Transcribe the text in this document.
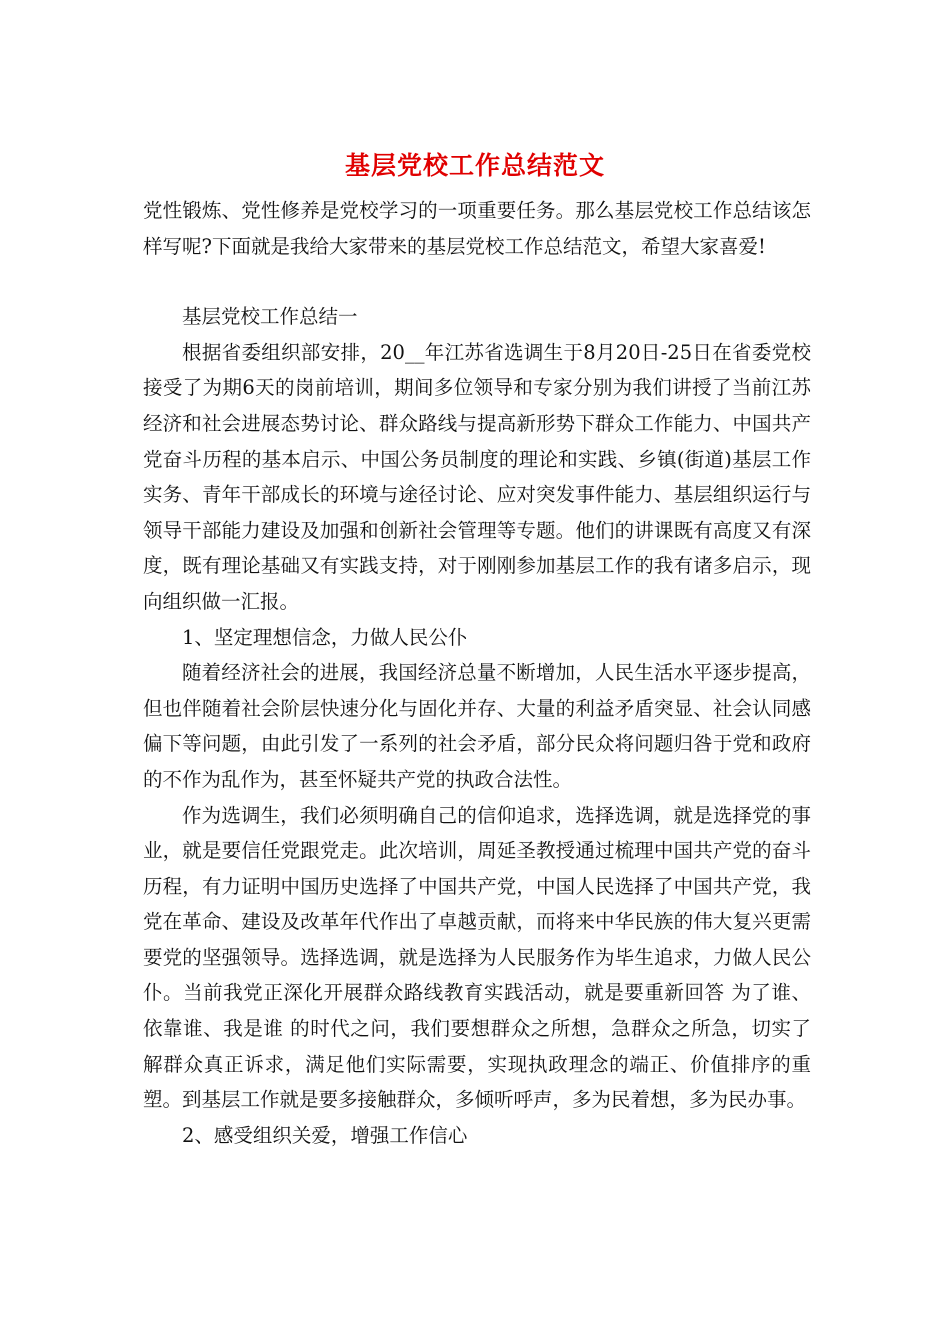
基层党校工作总结范文

党性锻炼、党性修养是党校学习的一项重要任务。那么基层党校工作总结该怎样写呢?下面就是我给大家带来的基层党校工作总结范文，希望大家喜爱!

基层党校工作总结一

根据省委组织部安排，20__年江苏省选调生于8月20日-25日在省委党校接受了为期6天的岗前培训，期间多位领导和专家分别为我们讲授了当前江苏经济和社会进展态势讨论、群众路线与提高新形势下群众工作能力、中国共产党奋斗历程的基本启示、中国公务员制度的理论和实践、乡镇(街道)基层工作实务、青年干部成长的环境与途径讨论、应对突发事件能力、基层组织运行与领导干部能力建设及加强和创新社会管理等专题。他们的讲课既有高度又有深度，既有理论基础又有实践支持，对于刚刚参加基层工作的我有诸多启示，现向组织做一汇报。

1、坚定理想信念，力做人民公仆

随着经济社会的进展，我国经济总量不断增加，人民生活水平逐步提高，但也伴随着社会阶层快速分化与固化并存、大量的利益矛盾突显、社会认同感偏下等问题，由此引发了一系列的社会矛盾，部分民众将问题归咎于党和政府的不作为乱作为，甚至怀疑共产党的执政合法性。

作为选调生，我们必须明确自己的信仰追求，选择选调，就是选择党的事业，就是要信任党跟党走。此次培训，周延圣教授通过梳理中国共产党的奋斗历程，有力证明中国历史选择了中国共产党，中国人民选择了中国共产党，我党在革命、建设及改革年代作出了卓越贡献，而将来中华民族的伟大复兴更需要党的坚强领导。选择选调，就是选择为人民服务作为毕生追求，力做人民公仆。当前我党正深化开展群众路线教育实践活动，就是要重新回答 为了谁、依靠谁、我是谁 的时代之问，我们要想群众之所想，急群众之所急，切实了解群众真正诉求，满足他们实际需要，实现执政理念的端正、价值排序的重塑。到基层工作就是要多接触群众，多倾听呼声，多为民着想，多为民办事。

2、感受组织关爱，增强工作信心
